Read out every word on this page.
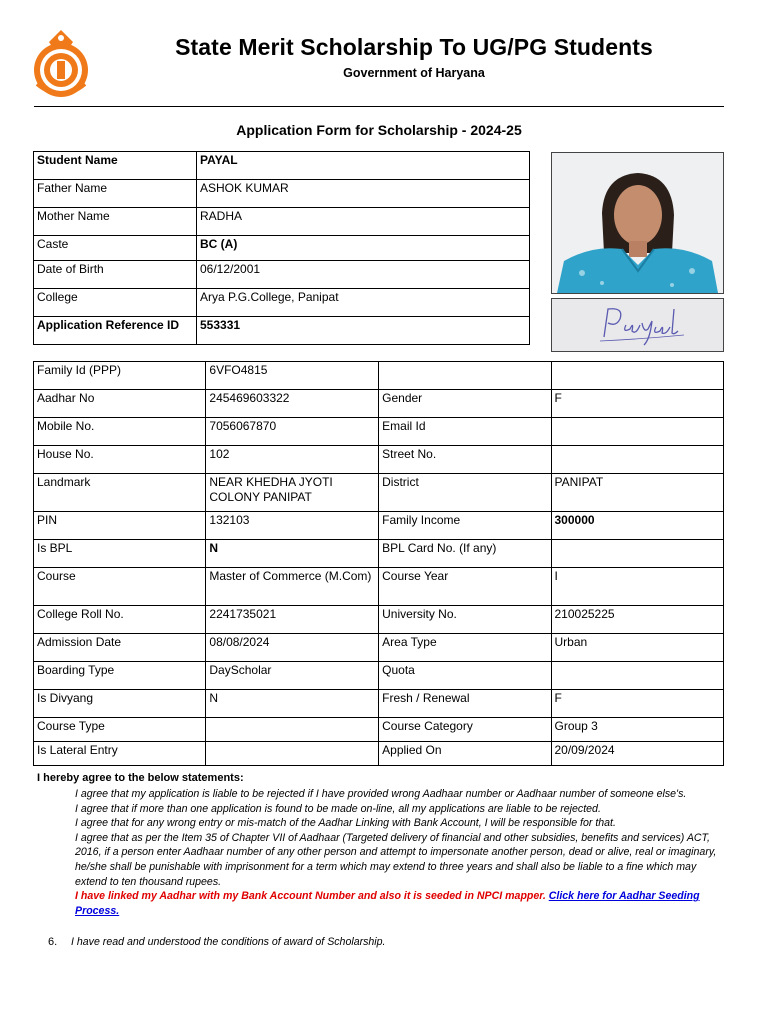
State Merit Scholarship To UG/PG Students
Government of Haryana
Application Form for Scholarship - 2024-25
Student Name	PAYAL
Father Name	ASHOK KUMAR
Mother Name	RADHA
Caste	BC (A)
Date of Birth	06/12/2001
College	Arya P.G.College, Panipat
Application Reference ID	553331
Family Id (PPP)	6VFO4815		
Aadhar No	245469603322	Gender	F
Mobile No.	7056067870	Email Id	
House No.	102	Street No.	
Landmark	NEAR KHEDHA JYOTI COLONY PANIPAT	District	PANIPAT
PIN	132103	Family Income	300000
Is BPL	N	BPL Card No. (If any)	
Course	Master of Commerce (M.Com)	Course Year	I
College Roll No.	2241735021	University No.	210025225
Admission Date	08/08/2024	Area Type	Urban
Boarding Type	DayScholar	Quota	
Is Divyang	N	Fresh / Renewal	F
Course Type		Course Category	Group 3
Is Lateral Entry		Applied On	20/09/2024
I hereby agree to the below statements:

I agree that my application is liable to be rejected if I have provided wrong Aadhaar number or Aadhaar number of someone else's.

I agree that if more than one application is found to be made on-line, all my applications are liable to be rejected.

I agree that for any wrong entry or mis-match of the Aadhar Linking with Bank Account, I will be responsible for that.

I agree that as per the Item 35 of Chapter VII of Aadhaar (Targeted delivery of financial and other subsidies, benefits and services) ACT, 2016, if a person enter Aadhaar number of any other person and attempt to impersonate another person, dead or alive, real or imaginary, he/she shall be punishable with imprisonment for a term which may extend to three years and shall also be liable to a fine which may extend to ten thousand rupees.

I have linked my Aadhar with my Bank Account Number and also it is seeded in NPCI mapper. Click here for Aadhar Seeding Process.

6. I have read and understood the conditions of award of Scholarship.
